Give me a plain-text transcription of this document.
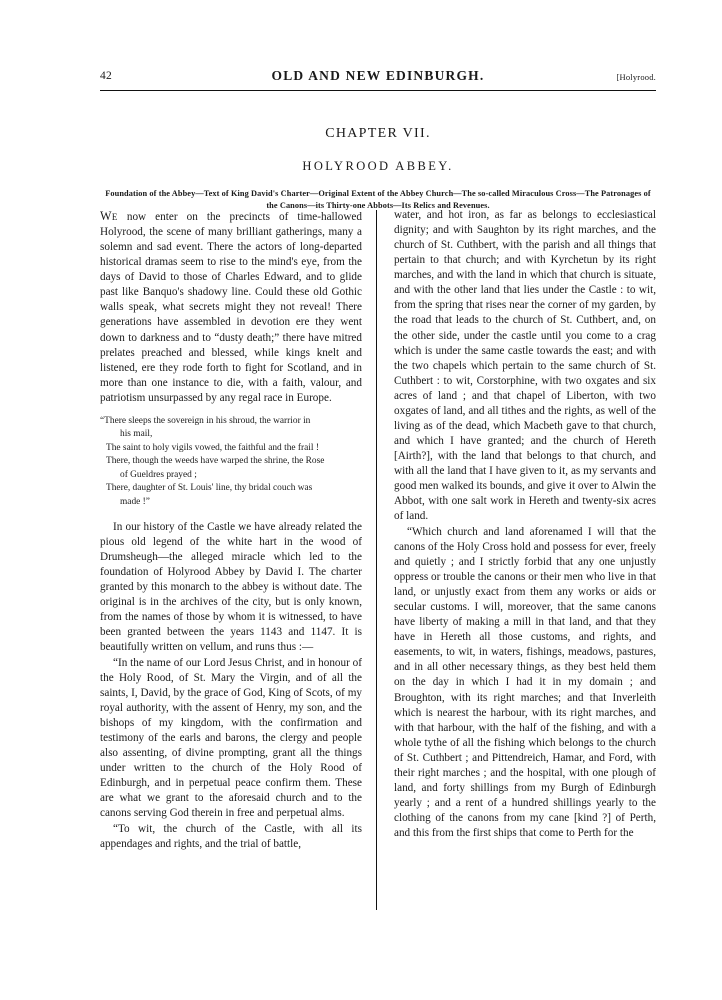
42	OLD AND NEW EDINBURGH.	[Holyrood.
CHAPTER VII.
HOLYROOD ABBEY.
Foundation of the Abbey—Text of King David's Charter—Original Extent of the Abbey Church—The so-called Miraculous Cross—The Patronages of the Canons—its Thirty-one Abbots—Its Relics and Revenues.

We now enter on the precincts of time-hallowed Holyrood, the scene of many brilliant gatherings, many a solemn and sad event. There the actors of long-departed historical dramas seem to rise to the mind's eye, from the days of David to those of Charles Edward, and to glide past like Banquo's shadowy line. Could these old Gothic walls speak, what secrets might they not reveal! There generations have assembled in devotion ere they went down to darkness and to “dusty death;” there have mitred prelates preached and blessed, while kings knelt and listened, ere they rode forth to fight for Scotland, and in more than one instance to die, with a faith, valour, and patriotism unsurpassed by any regal race in Europe.

“There sleeps the sovereign in his shroud, the warrior in
his mail,
The saint to holy vigils vowed, the faithful and the frail !
There, though the weeds have warped the shrine, the Rose
of Gueldres prayed ;
There, daughter of St. Louis' line, thy bridal couch was
made !”

In our history of the Castle we have already related the pious old legend of the white hart in the wood of Drumsheugh—the alleged miracle which led to the foundation of Holyrood Abbey by David I. The charter granted by this monarch to the abbey is without date. The original is in the archives of the city, but is only known, from the names of those by whom it is witnessed, to have been granted between the years 1143 and 1147. It is beautifully written on vellum, and runs thus :—

“In the name of our Lord Jesus Christ, and in honour of the Holy Rood, of St. Mary the Virgin, and of all the saints, I, David, by the grace of God, King of Scots, of my royal authority, with the assent of Henry, my son, and the bishops of my kingdom, with the confirmation and testimony of the earls and barons, the clergy and people also assenting, of divine prompting, grant all the things under written to the church of the Holy Rood of Edinburgh, and in perpetual peace confirm them. These are what we grant to the aforesaid church and to the canons serving God therein in free and perpetual alms.

“To wit, the church of the Castle, with all its appendages and rights, and the trial of battle,

water, and hot iron, as far as belongs to ecclesiastical dignity; and with Saughton by its right marches, and the church of St. Cuthbert, with the parish and all things that pertain to that church; and with Kyrchetun by its right marches, and with the land in which that church is situate, and with the other land that lies under the Castle : to wit, from the spring that rises near the corner of my garden, by the road that leads to the church of St. Cuthbert, and, on the other side, under the castle until you come to a crag which is under the same castle towards the east; and with the two chapels which pertain to the same church of St. Cuthbert : to wit, Corstorphine, with two oxgates and six acres of land ; and that chapel of Liberton, with two oxgates of land, and all tithes and the rights, as well of the living as of the dead, which Macbeth gave to that church, and which I have granted; and the church of Hereth [Airth?], with the land that belongs to that church, and with all the land that I have given to it, as my servants and good men walked its bounds, and give it over to Alwin the Abbot, with one salt work in Hereth and twenty-six acres of land.

“Which church and land aforenamed I will that the canons of the Holy Cross hold and possess for ever, freely and quietly ; and I strictly forbid that any one unjustly oppress or trouble the canons or their men who live in that land, or unjustly exact from them any works or aids or secular customs. I will, moreover, that the same canons have liberty of making a mill in that land, and that they have in Hereth all those customs, and rights, and easements, to wit, in waters, fishings, meadows, pastures, and in all other necessary things, as they best held them on the day in which I had it in my domain ; and Broughton, with its right marches; and that Inverleith which is nearest the harbour, with its right marches, and with that harbour, with the half of the fishing, and with a whole tythe of all the fishing which belongs to the church of St. Cuthbert ; and Pittendreich, Hamar, and Ford, with their right marches ; and the hospital, with one plough of land, and forty shillings from my Burgh of Edinburgh yearly ; and a rent of a hundred shillings yearly to the clothing of the canons from my cane [kind ?] of Perth, and this from the first ships that come to Perth for the
